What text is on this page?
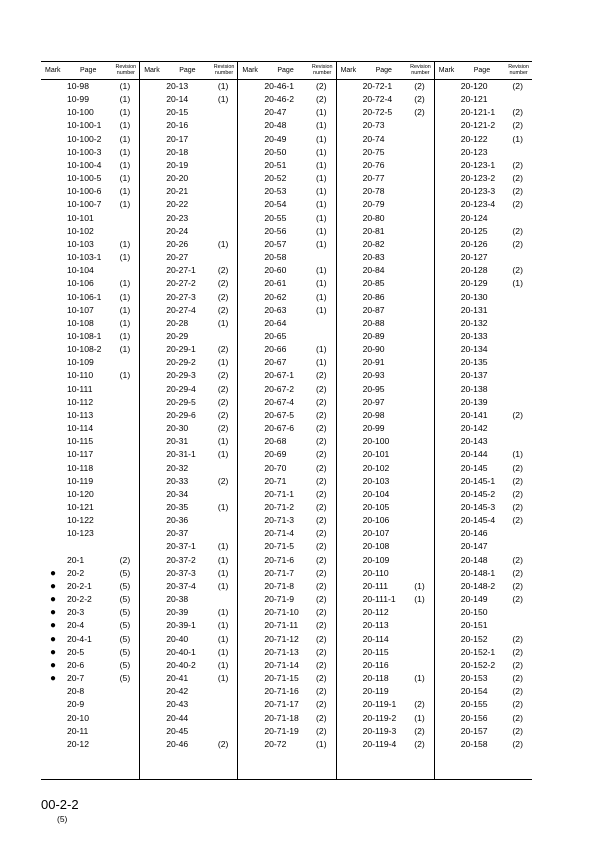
Mark	Page	Revision
number
10-98	(1)
10-99	(1)
10-100	(1)
10-100-1 (1)
10-100-2 (1)
10-100-3 (1)
10-100-4 (1)
10-100-5 (1)
10-100-6 (1)
10-100-7 (1)
10-101
10-102
10-103	(1)
10-103-1 (1)
10-104
10-106	(1)
10-106-1 (1)
10-107	(1)
10-108	(1)
10-108-1 (1)
10-108-2 (1)
10-109
10-110	(1)
10-111
10-112
10-113
10-114
10-115
10-117
10-118
10-119
10-120
10-121
10-122
10-123
20-1	(2)
● 20-2	(5)
● 20-2-1	(5)
● 20-2-2	(5)
● 20-3	(5)
● 20-4	(5)
● 20-4-1	(5)
● 20-5	(5)
● 20-6	(5)
● 20-7	(5)
20-8
20-9
20-10
20-11
20-12
Mark	Page	Revision
number
20-13	(1)
20-14	(1)
20-15
20-16
20-17
20-18
20-19
20-20
20-21
20-22
20-23
20-24
20-26	(1)
20-27
20-27-1	(2)
20-27-2	(2)
20-27-3	(2)
20-27-4	(2)
20-28	(1)
20-29
20-29-1	(2)
20-29-2	(1)
20-29-3	(2)
20-29-4	(2)
20-29-5	(2)
20-29-6	(2)
20-30	(2)
20-31	(1)
20-31-1	(1)
20-32
20-33	(2)
20-34
20-35	(1)
20-36
20-37
20-37-1	(1)
20-37-2	(1)
20-37-3	(1)
20-37-4	(1)
20-38
20-39	(1)
20-39-1	(1)
20-40	(1)
20-40-1	(1)
20-40-2	(1)
20-41	(1)
20-42
20-43
20-44
20-45
20-46	(2)
Mark	Page	Revision
number
20-46-1	(2)
20-46-2	(2)
20-47	(1)
20-48	(1)
20-49	(1)
20-50	(1)
20-51	(1)
20-52	(1)
20-53	(1)
20-54	(1)
20-55	(1)
20-56	(1)
20-57	(1)
20-58
20-60	(1)
20-61	(1)
20-62	(1)
20-63	(1)
20-64
20-65
20-66	(1)
20-67	(1)
20-67-1	(2)
20-67-2	(2)
20-67-4	(2)
20-67-5	(2)
20-67-6	(2)
20-68	(2)
20-69	(2)
20-70	(2)
20-71	(2)
20-71-1	(2)
20-71-2	(2)
20-71-3	(2)
20-71-4	(2)
20-71-5	(2)
20-71-6	(2)
20-71-7	(2)
20-71-8	(2)
20-71-9	(2)
20-71-10 (2)
20-71-11 (2)
20-71-12 (2)
20-71-13 (2)
20-71-14 (2)
20-71-15 (2)
20-71-16 (2)
20-71-17 (2)
20-71-18 (2)
20-71-19 (2)
20-72	(1)
Mark	Page	Revision
number
20-72-1	(2)
20-72-4	(2)
20-72-5	(2)
20-73
20-74
20-75
20-76
20-77
20-78
20-79
20-80
20-81
20-82
20-83
20-84
20-85
20-86
20-87
20-88
20-89
20-90
20-91
20-93
20-95
20-97
20-98
20-99
20-100
20-101
20-102
20-103
20-104
20-105
20-106
20-107
20-108
20-109
20-110
20-111	(1)
20-111-1 (1)
20-112
20-113
20-114
20-115
20-116
20-118	(1)
20-119
20-119-1 (2)
20-119-2 (1)
20-119-3 (2)
20-119-4 (2)
Mark	Page	Revision
number
20-120	(2)
20-121
20-121-1 (2)
20-121-2 (2)
20-122	(1)
20-123
20-123-1 (2)
20-123-2 (2)
20-123-3 (2)
20-123-4 (2)
20-124
20-125	(2)
20-126	(2)
20-127
20-128	(2)
20-129	(1)
20-130
20-131
20-132
20-133
20-134
20-135
20-137
20-138
20-139
20-141	(2)
20-142
20-143
20-144	(1)
20-145	(2)
20-145-1 (2)
20-145-2 (2)
20-145-3 (2)
20-145-4 (2)
20-146
20-147
20-148	(2)
20-148-1 (2)
20-148-2 (2)
20-149	(2)
20-150
20-151
20-152	(2)
20-152-1 (2)
20-152-2 (2)
20-153	(2)
20-154	(2)
20-155	(2)
20-156	(2)
20-157	(2)
20-158	(2)
00-2-2
(5)
